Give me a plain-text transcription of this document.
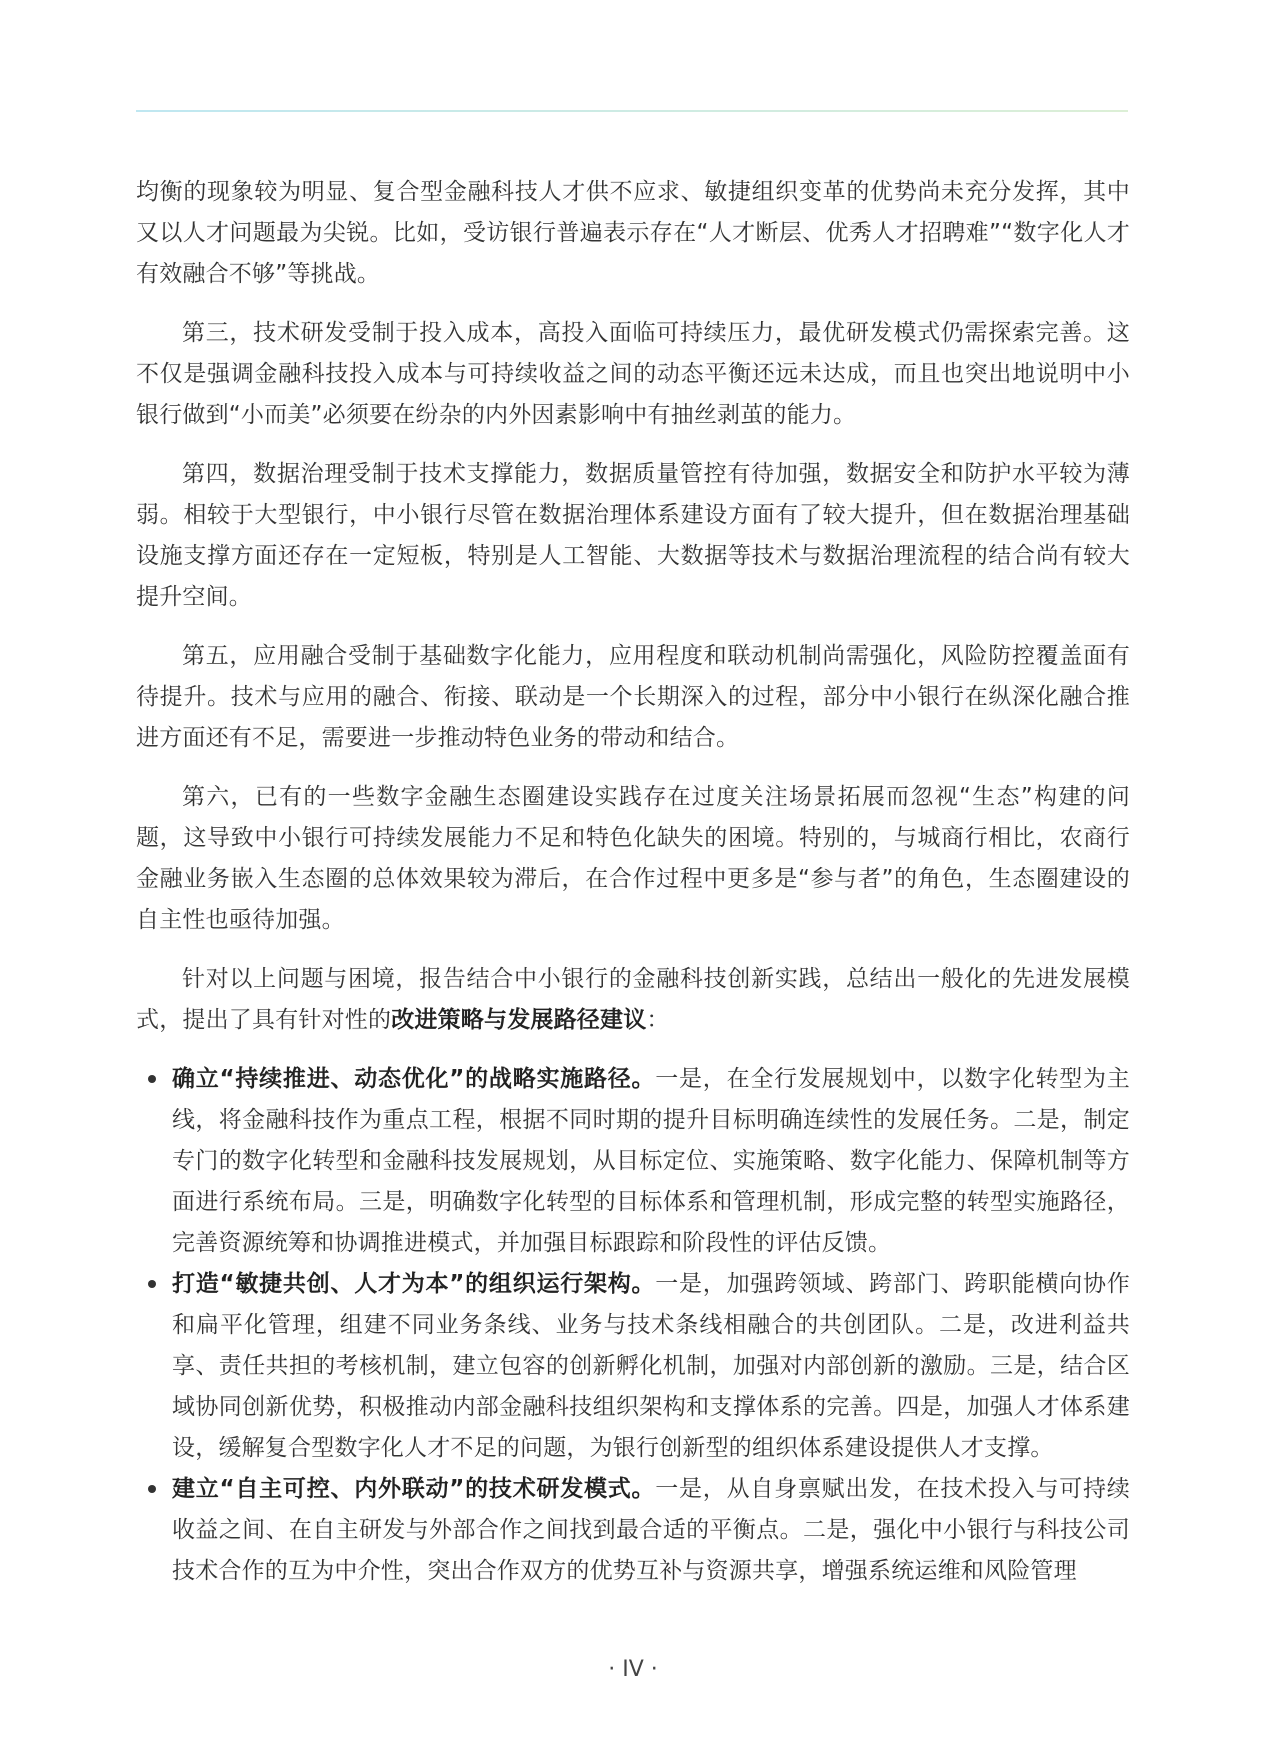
均衡的现象较为明显、复合型金融科技人才供不应求、敏捷组织变革的优势尚未充分发挥，其中又以人才问题最为尖锐。比如，受访银行普遍表示存在“人才断层、优秀人才招聘难”“数字化人才有效融合不够”等挑战。

第三，技术研发受制于投入成本，高投入面临可持续压力，最优研发模式仍需探索完善。这不仅是强调金融科技投入成本与可持续收益之间的动态平衡还远未达成，而且也突出地说明中小银行做到“小而美”必须要在纷杂的内外因素影响中有抽丝剥茧的能力。

第四，数据治理受制于技术支撑能力，数据质量管控有待加强，数据安全和防护水平较为薄弱。相较于大型银行，中小银行尽管在数据治理体系建设方面有了较大提升，但在数据治理基础设施支撑方面还存在一定短板，特别是人工智能、大数据等技术与数据治理流程的结合尚有较大提升空间。

第五，应用融合受制于基础数字化能力，应用程度和联动机制尚需强化，风险防控覆盖面有待提升。技术与应用的融合、衔接、联动是一个长期深入的过程，部分中小银行在纵深化融合推进方面还有不足，需要进一步推动特色业务的带动和结合。

第六，已有的一些数字金融生态圈建设实践存在过度关注场景拓展而忽视“生态”构建的问题，这导致中小银行可持续发展能力不足和特色化缺失的困境。特别的，与城商行相比，农商行金融业务嵌入生态圈的总体效果较为滞后，在合作过程中更多是“参与者”的角色，生态圈建设的自主性也亟待加强。

针对以上问题与困境，报告结合中小银行的金融科技创新实践，总结出一般化的先进发展模式，提出了具有针对性的改进策略与发展路径建议：

确立“持续推进、动态优化”的战略实施路径。一是，在全行发展规划中，以数字化转型为主线，将金融科技作为重点工程，根据不同时期的提升目标明确连续性的发展任务。二是，制定专门的数字化转型和金融科技发展规划，从目标定位、实施策略、数字化能力、保障机制等方面进行系统布局。三是，明确数字化转型的目标体系和管理机制，形成完整的转型实施路径，完善资源统筹和协调推进模式，并加强目标跟踪和阶段性的评估反馈。
打造“敏捷共创、人才为本”的组织运行架构。一是，加强跨领域、跨部门、跨职能横向协作和扁平化管理，组建不同业务条线、业务与技术条线相融合的共创团队。二是，改进利益共享、责任共担的考核机制，建立包容的创新孵化机制，加强对内部创新的激励。三是，结合区域协同创新优势，积极推动内部金融科技组织架构和支撑体系的完善。四是，加强人才体系建设，缓解复合型数字化人才不足的问题，为银行创新型的组织体系建设提供人才支撑。
建立“自主可控、内外联动”的技术研发模式。一是，从自身禀赋出发，在技术投入与可持续收益之间、在自主研发与外部合作之间找到最合适的平衡点。二是，强化中小银行与科技公司技术合作的互为中介性，突出合作双方的优势互补与资源共享，增强系统运维和风险管理
· IV ·
